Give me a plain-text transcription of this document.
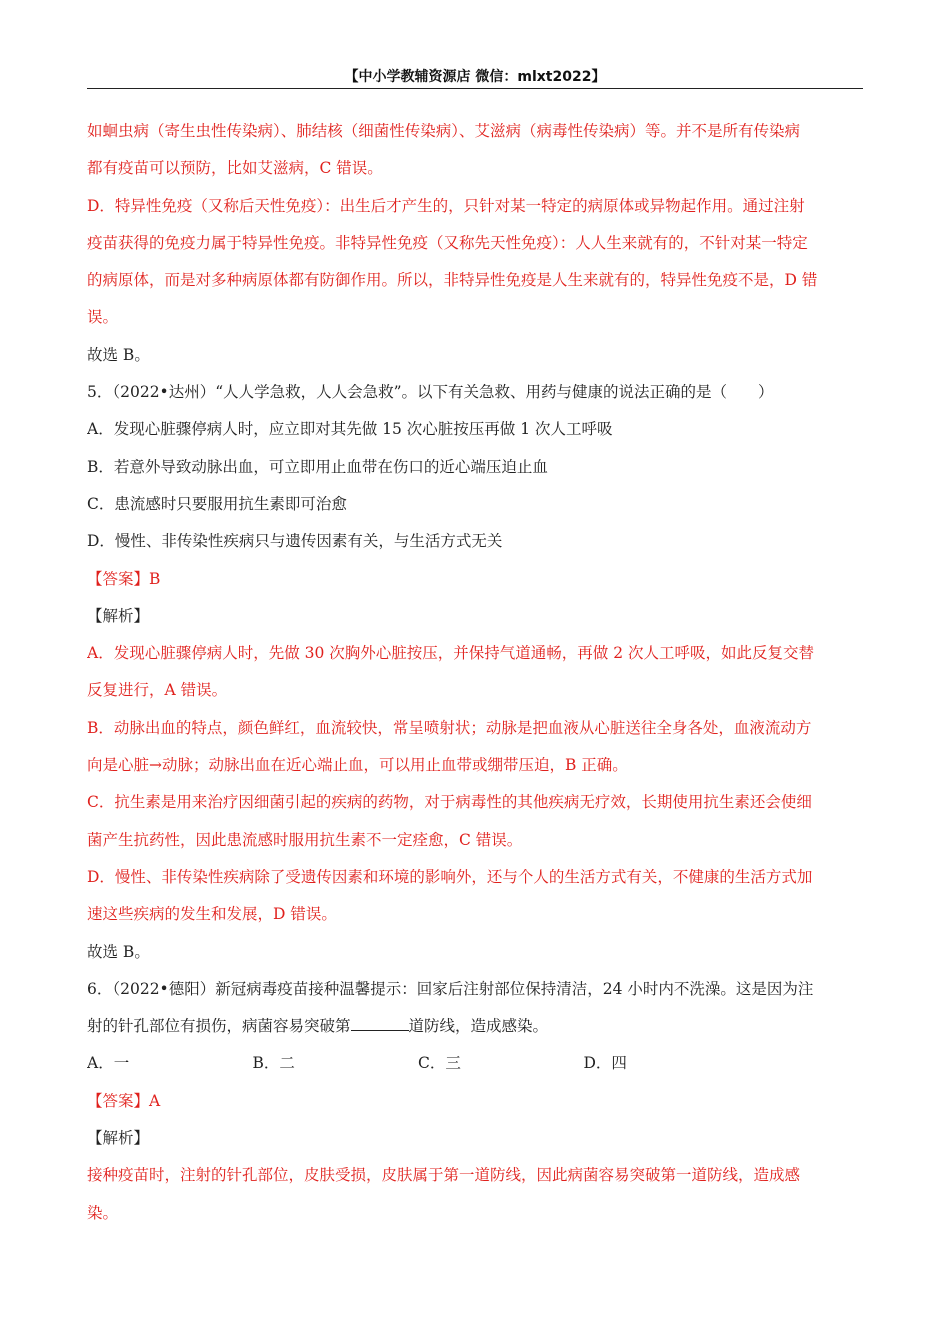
【中小学教辅资源店 微信：mlxt2022】
如蛔虫病（寄生虫性传染病）、肺结核（细菌性传染病）、艾滋病（病毒性传染病）等。并不是所有传染病
都有疫苗可以预防，比如艾滋病，C 错误。
D．特异性免疫（又称后天性免疫）：出生后才产生的，只针对某一特定的病原体或异物起作用。通过注射
疫苗获得的免疫力属于特异性免疫。非特异性免疫（又称先天性免疫）：人人生来就有的，不针对某一特定
的病原体，而是对多种病原体都有防御作用。所以，非特异性免疫是人生来就有的，特异性免疫不是，D 错
误。
故选 B。
5．（2022•达州）“人人学急救，人人会急救”。以下有关急救、用药与健康的说法正确的是（　　）
A．发现心脏骤停病人时，应立即对其先做 15 次心脏按压再做 1 次人工呼吸
B．若意外导致动脉出血，可立即用止血带在伤口的近心端压迫止血
C．患流感时只要服用抗生素即可治愈
D．慢性、非传染性疾病只与遗传因素有关，与生活方式无关
【答案】B
【解析】
A．发现心脏骤停病人时，先做 30 次胸外心脏按压，并保持气道通畅，再做 2 次人工呼吸，如此反复交替
反复进行，A 错误。
B．动脉出血的特点，颜色鲜红，血流较快，常呈喷射状；动脉是把血液从心脏送往全身各处，血液流动方
向是心脏→动脉；动脉出血在近心端止血，可以用止血带或绷带压迫，B 正确。
C．抗生素是用来治疗因细菌引起的疾病的药物，对于病毒性的其他疾病无疗效，长期使用抗生素还会使细
菌产生抗药性，因此患流感时服用抗生素不一定痊愈，C 错误。
D．慢性、非传染性疾病除了受遗传因素和环境的影响外，还与个人的生活方式有关，不健康的生活方式加
速这些疾病的发生和发展，D 错误。
故选 B。
6．（2022•德阳）新冠病毒疫苗接种温馨提示：回家后注射部位保持清洁，24 小时内不洗澡。这是因为注
射的针孔部位有损伤，病菌容易突破第	道防线，造成感染。
A．一	B．二	C．三	D．四
【答案】A
【解析】
接种疫苗时，注射的针孔部位，皮肤受损，皮肤属于第一道防线，因此病菌容易突破第一道防线，造成感
染。
